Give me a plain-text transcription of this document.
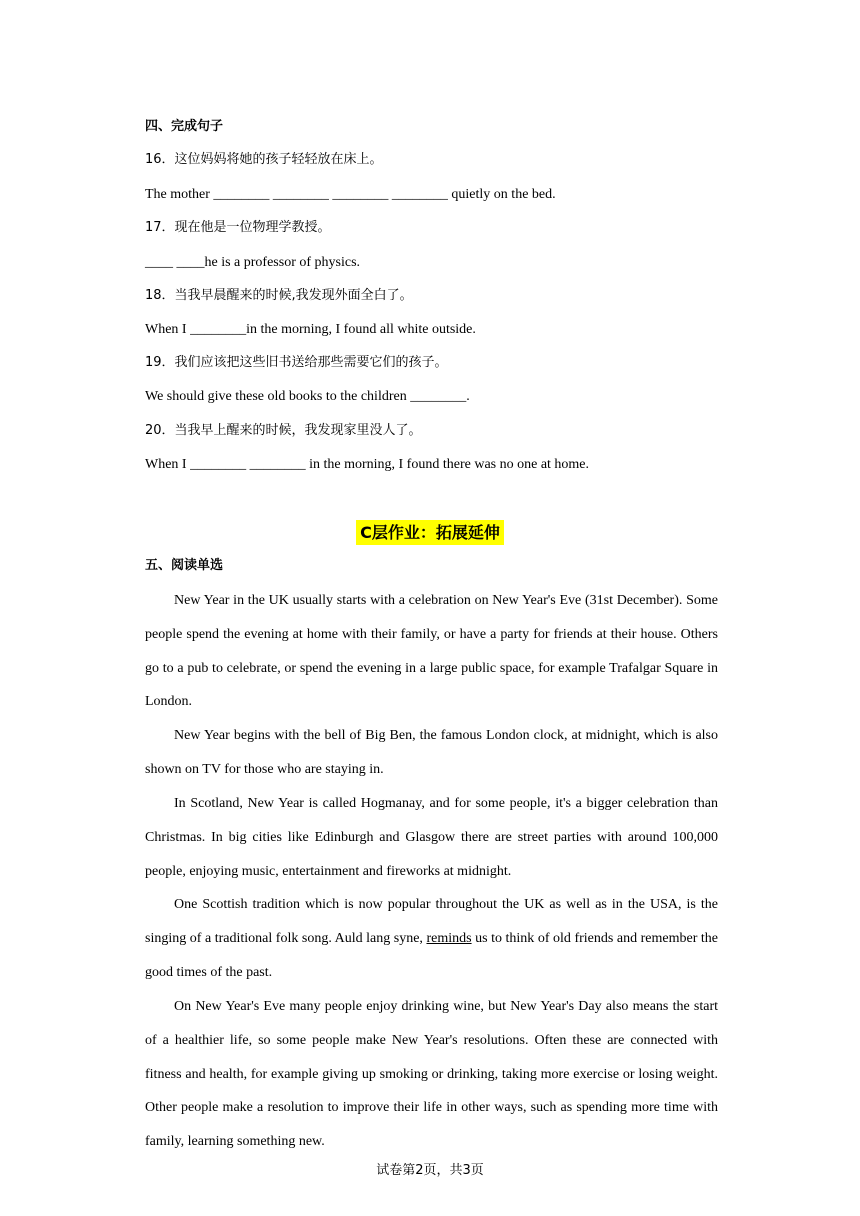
四、完成句子
16．这位妈妈将她的孩子轻轻放在床上。
The mother ________ ________ ________ ________ quietly on the bed.
17．现在他是一位物理学教授。
____ ____he is a professor of physics.
18．当我早晨醒来的时候,我发现外面全白了。
When I ________in the morning, I found all white outside.
19．我们应该把这些旧书送给那些需要它们的孩子。
We should give these old books to the children ________.
20．当我早上醒来的时候，我发现家里没人了。
When I ________ ________ in the morning, I found there was no one at home.
C层作业：拓展延伸
五、阅读单选
New Year in the UK usually starts with a celebration on New Year's Eve (31st December). Some people spend the evening at home with their family, or have a party for friends at their house. Others go to a pub to celebrate, or spend the evening in a large public space, for example Trafalgar Square in London.
New Year begins with the bell of Big Ben, the famous London clock, at midnight, which is also shown on TV for those who are staying in.
In Scotland, New Year is called Hogmanay, and for some people, it's a bigger celebration than Christmas. In big cities like Edinburgh and Glasgow there are street parties with around 100,000 people, enjoying music, entertainment and fireworks at midnight.
One Scottish tradition which is now popular throughout the UK as well as in the USA, is the singing of a traditional folk song. Auld lang syne, reminds us to think of old friends and remember the good times of the past.
On New Year's Eve many people enjoy drinking wine, but New Year's Day also means the start of a healthier life, so some people make New Year's resolutions. Often these are connected with fitness and health, for example giving up smoking or drinking, taking more exercise or losing weight. Other people make a resolution to improve their life in other ways, such as spending more time with family, learning something new.
试卷第2页，共3页
